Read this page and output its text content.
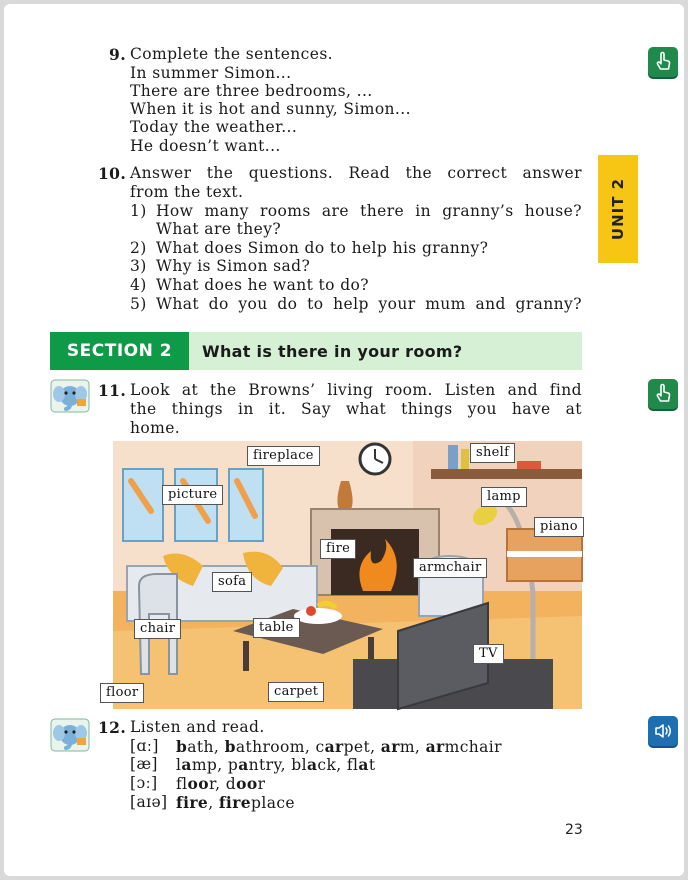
UNIT 2
9. Complete the sentences.
In summer Simon...
There are three bedrooms, ...
When it is hot and sunny, Simon...
Today the weather...
He doesn’t want...
10. Answer the questions. Read the correct answer
from the text.
1) How many rooms are there in granny’s house?
What are they?
2) What does Simon do to help his granny?
3) Why is Simon sad?
4) What does he want to do?
5) What do you do to help your mum and granny?
SECTION 2	What is there in your room?
11. Look at the Browns’ living room. Listen and find
the things in it. Say what things you have at
home.
fireplace	shelf
picture	lamp
piano
fire
armchair
sofa
chair	table
TV
floor	carpet
12. Listen and read.
[ɑː] bath, bathroom, carpet, arm, armchair
[æ] lamp, pantry, black, flat
[ɔː] floor, door
[aɪə] fire, fireplace
23
